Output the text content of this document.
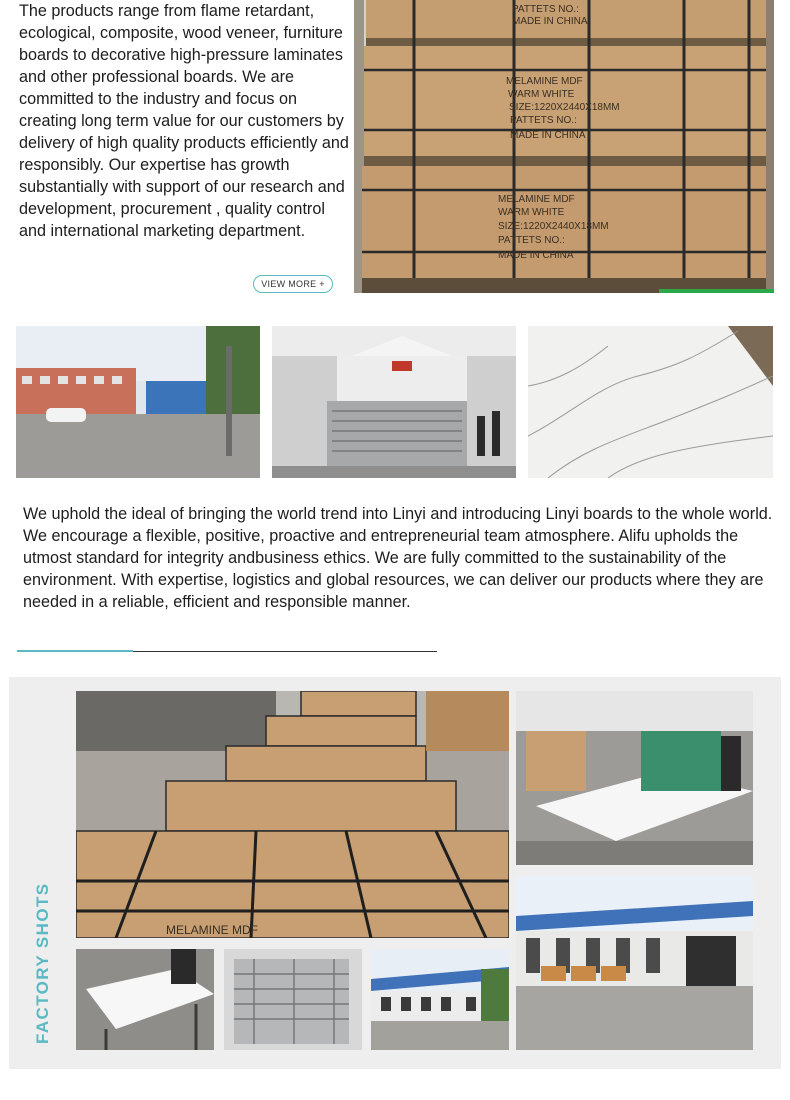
The products range from flame retardant, ecological, composite, wood veneer, furniture boards to decorative high-pressure laminates and other professional boards. We are committed to the industry and focus on creating long term value for our customers by delivery of high quality products efficiently and responsibly. Our expertise has growth substantially with support of our research and development, procurement , quality control and international marketing department.
VIEW MORE +
PATTETS NO.:
MADE IN CHINA
MELAMINE MDF
WARM WHITE
SIZE:1220X2440X18MM
PATTETS NO.:
MADE IN CHINA
MELAMINE MDF
WARM WHITE
SIZE:1220X2440X18MM
PATTETS NO.:
MADE IN CHINA
We uphold the ideal of bringing the world trend into Linyi and introducing Linyi boards to the whole world. We encourage a flexible, positive, proactive and entrepreneurial team atmosphere. Alifu upholds the utmost standard for integrity andbusiness ethics. We are fully committed to the sustainability of the environment. With expertise, logistics and global resources, we can deliver our products where they are needed in a reliable, efficient and responsible manner.
FACTORY SHOTS	MELAMINE MDF
